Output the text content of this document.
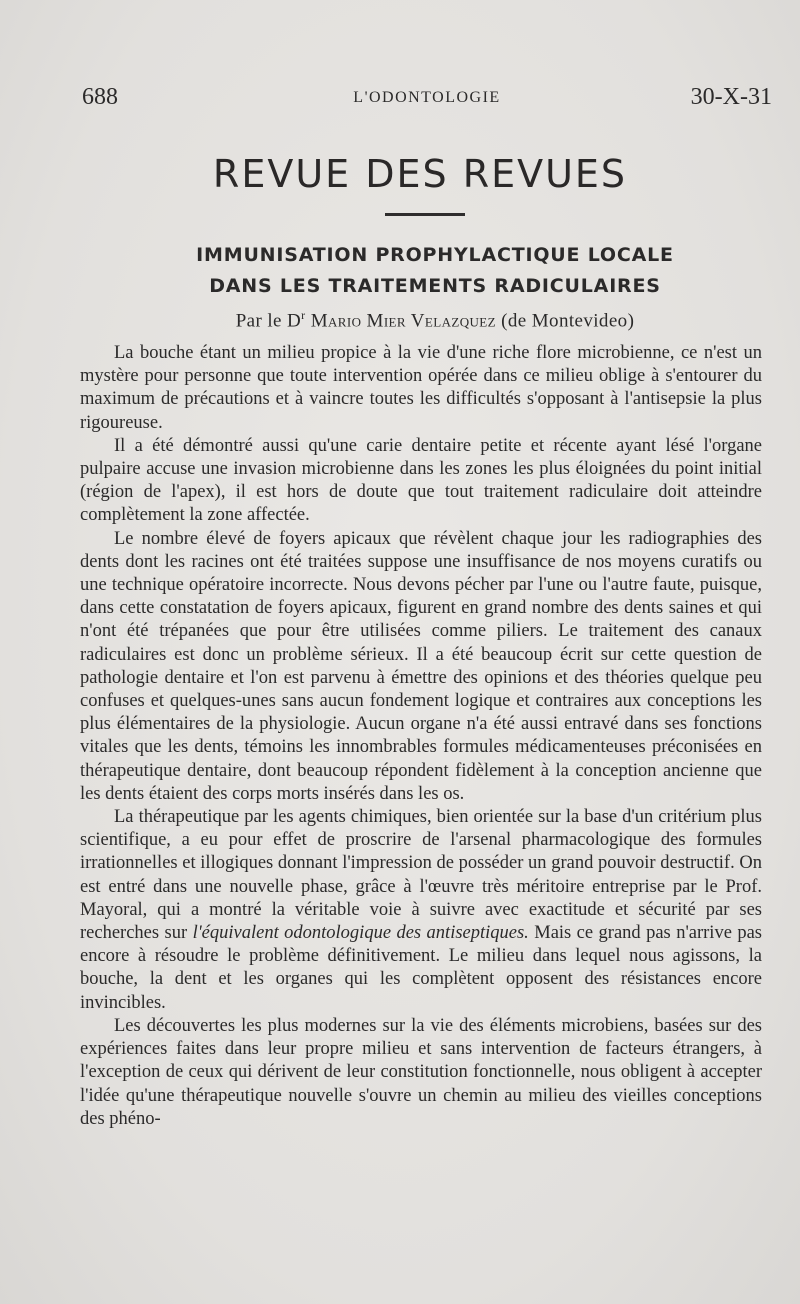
688	L'ODONTOLOGIE	30-X-31
REVUE DES REVUES
IMMUNISATION PROPHYLACTIQUE LOCALE
DANS LES TRAITEMENTS RADICULAIRES
Par le $D^r$ Mario Mier Velazquez (de Montevideo)

La bouche étant un milieu propice à la vie d'une riche flore microbienne, ce n'est un mystère pour personne que toute intervention opérée dans ce milieu oblige à s'entourer du maximum de précautions et à vaincre toutes les difficultés s'opposant à l'antisepsie la plus rigoureuse.

Il a été démontré aussi qu'une carie dentaire petite et récente ayant lésé l'organe pulpaire accuse une invasion microbienne dans les zones les plus éloignées du point initial (région de l'apex), il est hors de doute que tout traitement radiculaire doit atteindre complètement la zone affectée.

Le nombre élevé de foyers apicaux que révèlent chaque jour les radiographies des dents dont les racines ont été traitées suppose une insuffisance de nos moyens curatifs ou une technique opératoire incorrecte. Nous devons pécher par l'une ou l'autre faute, puisque, dans cette constatation de foyers apicaux, figurent en grand nombre des dents saines et qui n'ont été trépanées que pour être utilisées comme piliers. Le traitement des canaux radiculaires est donc un problème sérieux. Il a été beaucoup écrit sur cette question de pathologie dentaire et l'on est parvenu à émettre des opinions et des théories quelque peu confuses et quelques-unes sans aucun fondement logique et contraires aux conceptions les plus élémentaires de la physiologie. Aucun organe n'a été aussi entravé dans ses fonctions vitales que les dents, témoins les innombrables formules médicamenteuses préconisées en thérapeutique dentaire, dont beaucoup répondent fidèlement à la conception ancienne que les dents étaient des corps morts insérés dans les os.

La thérapeutique par les agents chimiques, bien orientée sur la base d'un critérium plus scientifique, a eu pour effet de proscrire de l'arsenal pharmacologique des formules irrationnelles et illogiques donnant l'impression de posséder un grand pouvoir destructif. On est entré dans une nouvelle phase, grâce à l'œuvre très méritoire entreprise par le Prof. Mayoral, qui a montré la véritable voie à suivre avec exactitude et sécurité par ses recherches sur l'équivalent odontologique des antiseptiques. Mais ce grand pas n'arrive pas encore à résoudre le problème définitivement. Le milieu dans lequel nous agissons, la bouche, la dent et les organes qui les complètent opposent des résistances encore invincibles.

Les découvertes les plus modernes sur la vie des éléments microbiens, basées sur des expériences faites dans leur propre milieu et sans intervention de facteurs étrangers, à l'exception de ceux qui dérivent de leur constitution fonctionnelle, nous obligent à accepter l'idée qu'une thérapeutique nouvelle s'ouvre un chemin au milieu des vieilles conceptions des phéno-
